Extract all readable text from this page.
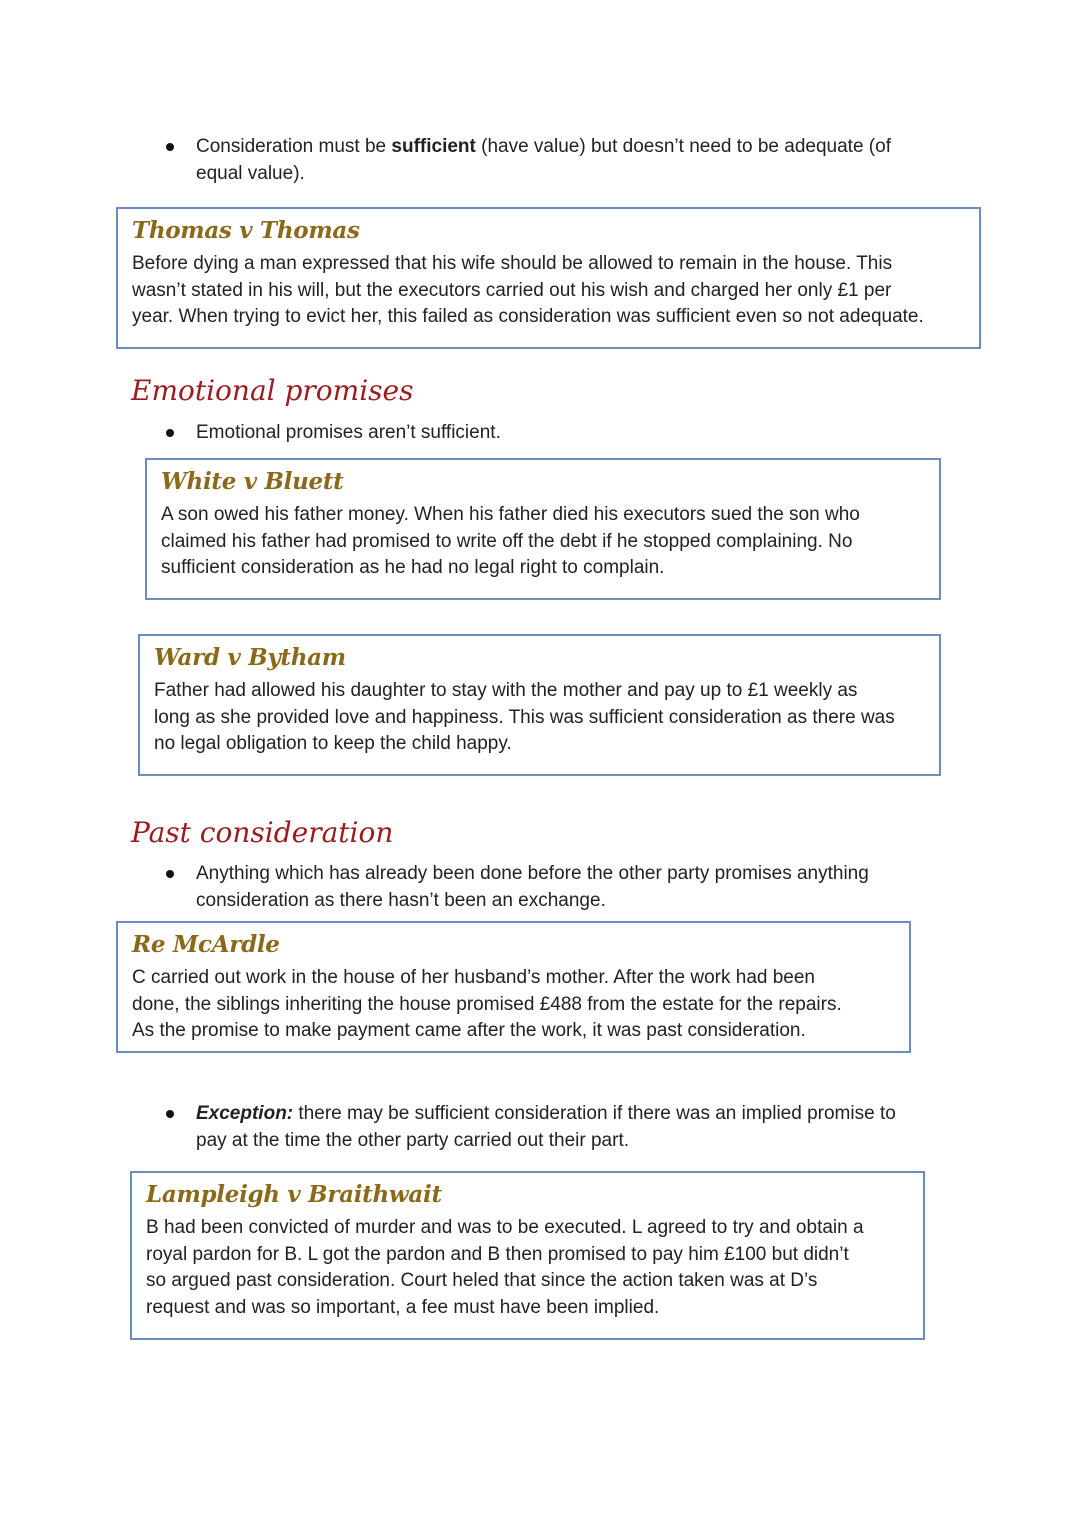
Consideration must be sufficient (have value) but doesn’t need to be adequate (of
equal value).
Thomas v Thomas
Before dying a man expressed that his wife should be allowed to remain in the house. This
wasn’t stated in his will, but the executors carried out his wish and charged her only £1 per
year. When trying to evict her, this failed as consideration was sufficient even so not adequate.
Emotional promises
Emotional promises aren’t sufficient.
White v Bluett
A son owed his father money. When his father died his executors sued the son who
claimed his father had promised to write off the debt if he stopped complaining. No
sufficient consideration as he had no legal right to complain.
Ward v Bytham
Father had allowed his daughter to stay with the mother and pay up to £1 weekly as
long as she provided love and happiness. This was sufficient consideration as there was
no legal obligation to keep the child happy.
Past consideration
Anything which has already been done before the other party promises anything
consideration as there hasn’t been an exchange.
Re McArdle
C carried out work in the house of her husband’s mother. After the work had been
done, the siblings inheriting the house promised £488 from the estate for the repairs.
As the promise to make payment came after the work, it was past consideration.
Exception: there may be sufficient consideration if there was an implied promise to
pay at the time the other party carried out their part.
Lampleigh v Braithwait
B had been convicted of murder and was to be executed. L agreed to try and obtain a
royal pardon for B. L got the pardon and B then promised to pay him £100 but didn’t
so argued past consideration. Court heled that since the action taken was at D’s
request and was so important, a fee must have been implied.
